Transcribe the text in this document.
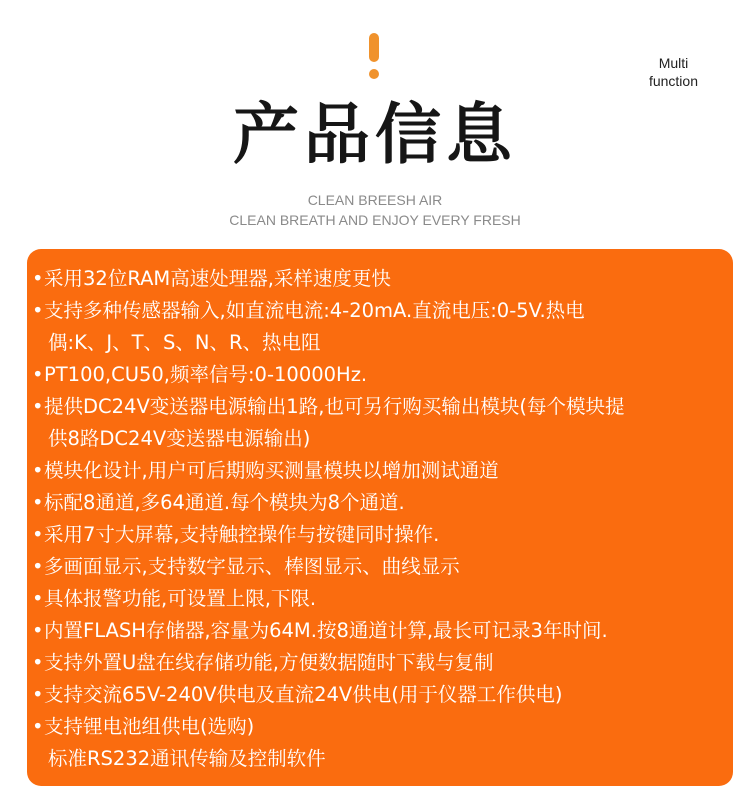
Multi
function
产品信息
CLEAN BREESH AIR
CLEAN BREATH AND ENJOY EVERY FRESH
•采用32位RAM高速处理器,采样速度更快
•支持多种传感器输入,如直流电流:4-20mA.直流电压:0-5V.热电
偶:K、J、T、S、N、R、热电阻
•PT100,CU50,频率信号:0-10000Hz.
•提供DC24V变送器电源输出1路,也可另行购买输出模块(每个模块提
供8路DC24V变送器电源输出)
•模块化设计,用户可后期购买测量模块以增加测试通道
•标配8通道,多64通道.每个模块为8个通道.
•采用7寸大屏幕,支持触控操作与按键同时操作.
•多画面显示,支持数字显示、棒图显示、曲线显示
•具体报警功能,可设置上限,下限.
•内置FLASH存储器,容量为64M.按8通道计算,最长可记录3年时间.
•支持外置U盘在线存储功能,方便数据随时下载与复制
•支持交流65V-240V供电及直流24V供电(用于仪器工作供电)
•支持锂电池组供电(选购)
标准RS232通讯传输及控制软件
